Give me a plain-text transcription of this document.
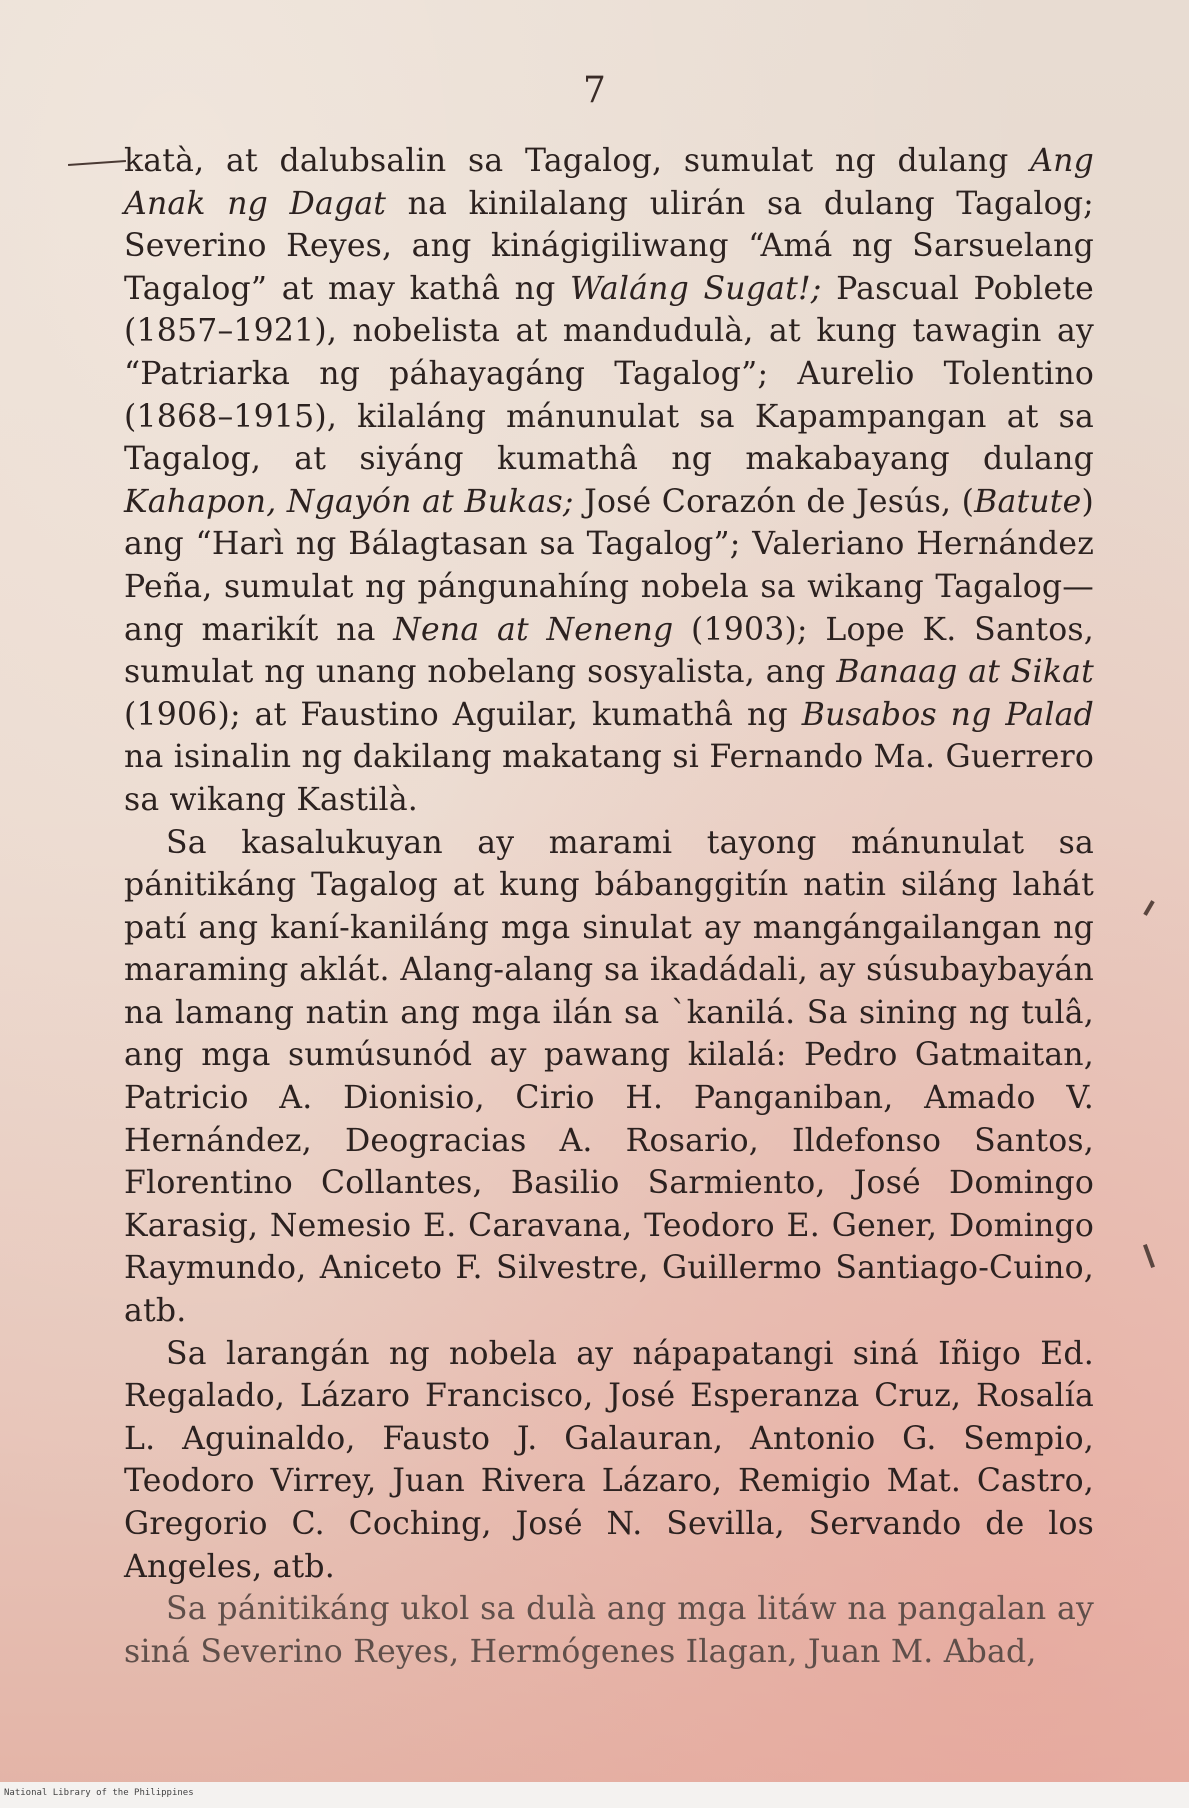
7

katà, at dalubsalin sa Tagalog, sumulat ng dulang Ang Anak ng Dagat na kinilalang ulirán sa dulang Tagalog; Severino Reyes, ang kinágigiliwang “Amá ng Sarsuelang Tagalog” at may kathâ ng Waláng Sugat!; Pascual Poblete (1857–1921), nobelista at mandudulà, at kung tawagin ay “Patriarka ng páhayagáng Tagalog”; Aurelio Tolentino (1868–1915), kilaláng mánunulat sa Kapampangan at sa Tagalog, at siyáng kumathâ ng makabayang dulang Kahapon, Ngayón at Bukas; José Corazón de Jesús, (Batute) ang “Harì ng Bálagtasan sa Tagalog”; Valeriano Hernández Peña, sumulat ng pángunahíng nobela sa wikang Tagalog—ang marikít na Nena at Neneng (1903); Lope K. Santos, sumulat ng unang nobelang sosyalista, ang Banaag at Sikat (1906); at Faustino Aguilar, kumathâ ng Busabos ng Palad na isinalin ng dakilang makatang si Fernando Ma. Guerrero sa wikang Kastilà.

Sa kasalukuyan ay marami tayong mánunulat sa pánitikáng Tagalog at kung bábanggitín natin siláng lahát patí ang kaní-kaniláng mga sinulat ay mangángailangan ng maraming aklát. Alang-alang sa ikadádali, ay súsubaybayán na lamang natin ang mga ilán sa `kanilá. Sa sining ng tulâ, ang mga sumúsunód ay pawang kilalá: Pedro Gatmaitan, Patricio A. Dionisio, Cirio H. Panganiban, Amado V. Hernández, Deogracias A. Rosario, Ildefonso Santos, Florentino Collantes, Basilio Sarmiento, José Domingo Karasig, Nemesio E. Caravana, Teodoro E. Gener, Domingo Raymundo, Aniceto F. Silvestre, Guillermo Santiago-Cuino, atb.

Sa larangán ng nobela ay nápapatangi siná Iñigo Ed. Regalado, Lázaro Francisco, José Esperanza Cruz, Rosalía L. Aguinaldo, Fausto J. Galauran, Antonio G. Sempio, Teodoro Virrey, Juan Rivera Lázaro, Remigio Mat. Castro, Gregorio C. Coching, José N. Sevilla, Servando de los Angeles, atb.

Sa pánitikáng ukol sa dulà ang mga litáw na pangalan ay siná Severino Reyes, Hermógenes Ilagan, Juan M. Abad,

National Library of the Philippines
